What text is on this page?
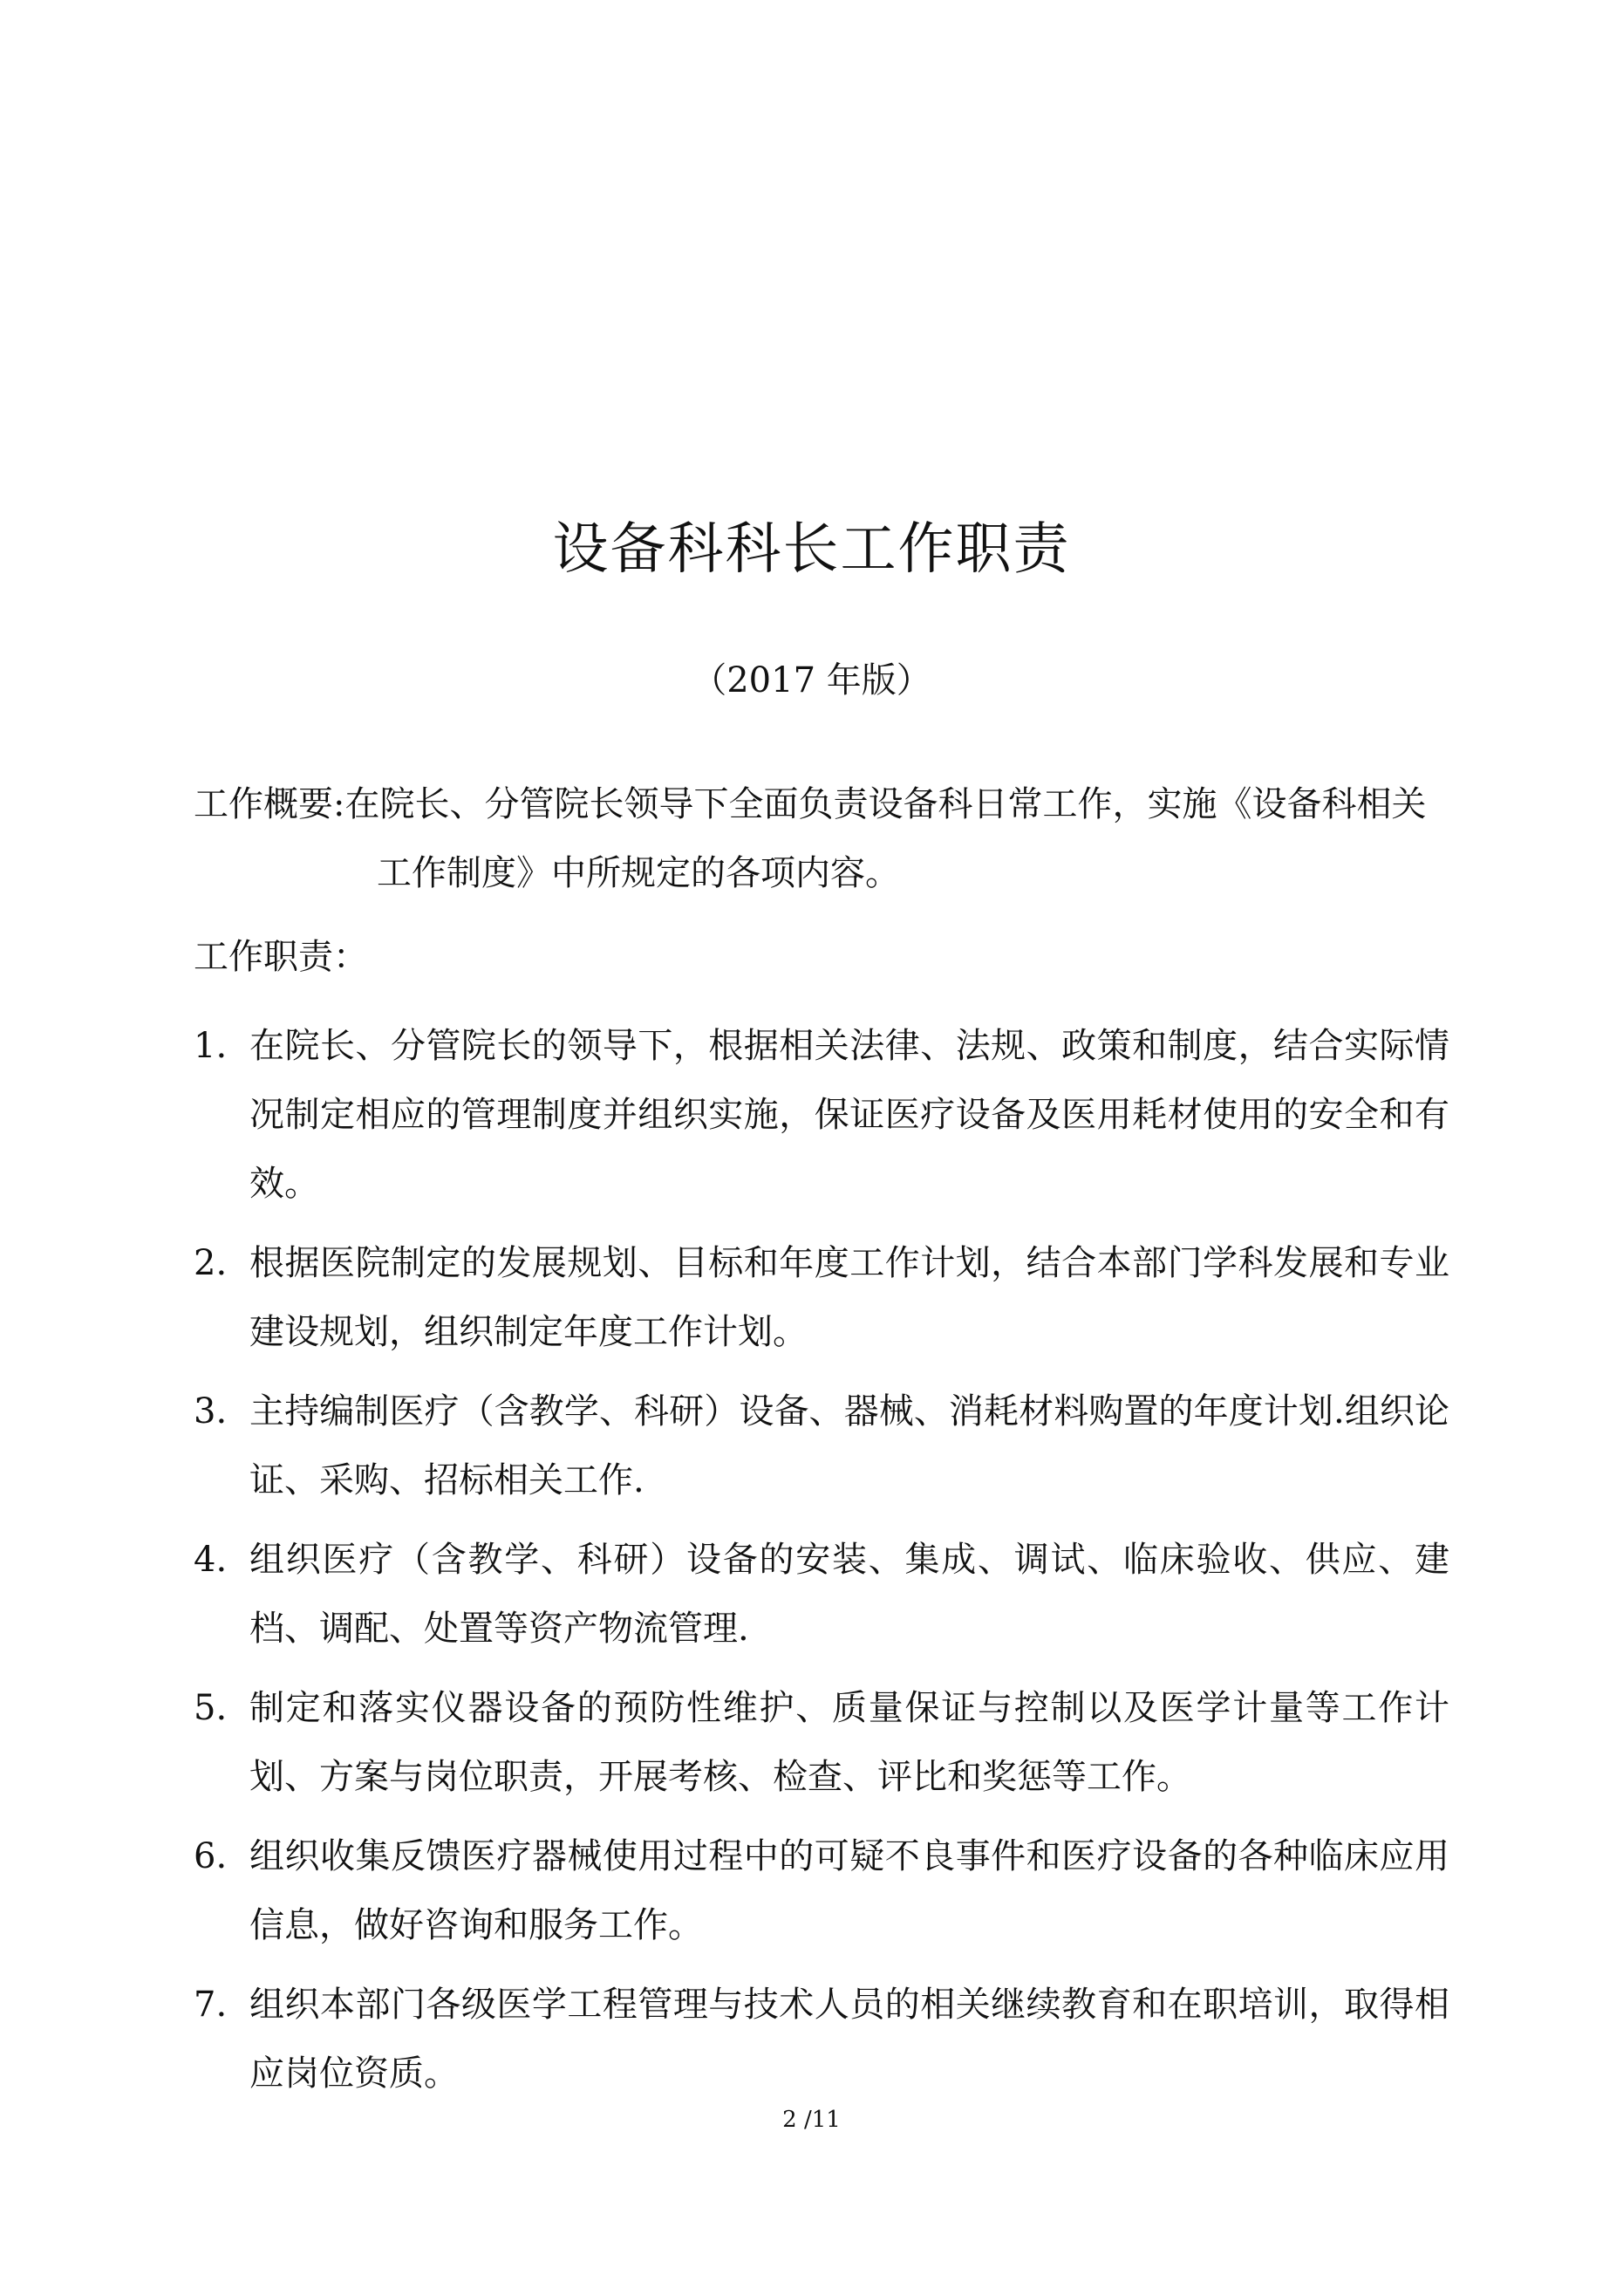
设备科科长工作职责
（2017 年版）
工作概要:在院长、分管院长领导下全面负责设备科日常工作，实施《设备科相关工作制度》中所规定的各项内容。
工作职责：
1. 在院长、分管院长的领导下，根据相关法律、法规、政策和制度，结合实际情况制定相应的管理制度并组织实施，保证医疗设备及医用耗材使用的安全和有效。
2. 根据医院制定的发展规划、目标和年度工作计划，结合本部门学科发展和专业建设规划，组织制定年度工作计划。
3. 主持编制医疗（含教学、科研）设备、器械、消耗材料购置的年度计划.组织论证、采购、招标相关工作.
4. 组织医疗（含教学、科研）设备的安装、集成、调试、临床验收、供应、建档、调配、处置等资产物流管理.
5. 制定和落实仪器设备的预防性维护、质量保证与控制以及医学计量等工作计划、方案与岗位职责，开展考核、检查、评比和奖惩等工作。
6. 组织收集反馈医疗器械使用过程中的可疑不良事件和医疗设备的各种临床应用信息，做好咨询和服务工作。
7. 组织本部门各级医学工程管理与技术人员的相关继续教育和在职培训，取得相应岗位资质。
2 /11
